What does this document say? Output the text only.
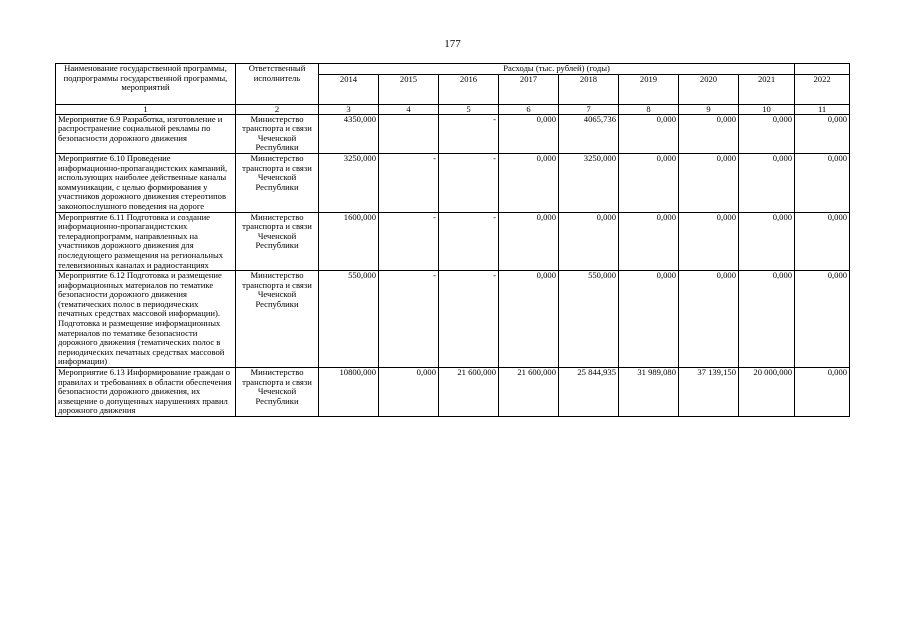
177
Наименование государственной программы, подпрограммы государственной программы, мероприятий	Ответственный исполнитель	Расходы (тыс. рублей) (годы)								
		2014	2015	2016	2017	2018	2019	2020	2021	2022
1	2	3	4	5	6	7	8	9	10	11
Мероприятие 6.9 Разработка, изготовление и распространение социальной рекламы по безопасности дорожного движения	Министерство транспорта и связи Чеченской Республики	4350,000		-	0,000	4065,736	0,000	0,000	0,000	0,000
Мероприятие 6.10 Проведение информационно-пропагандистских кампаний, использующих наиболее действенные каналы коммуникации, с целью формирования у участников дорожного движения стереотипов законопослушного поведения на дороге	Министерство транспорта и связи Чеченской Республики	3250,000	-	-	0,000	3250,000	0,000	0,000	0,000	0,000
Мероприятие 6.11 Подготовка и создание информационно-пропагандистских телерадиопрограмм, направленных на участников дорожного движения для последующего размещения на региональных телевизионных каналах и радиостанциях	Министерство транспорта и связи Чеченской Республики	1600,000	-	-	0,000	0,000	0,000	0,000	0,000	0,000
Мероприятие 6.12 Подготовка и размещение информационных материалов по тематике безопасности дорожного движения (тематических полос в периодических печатных средствах массовой информации). Подготовка и размещение информационных материалов по тематике безопасности дорожного движения (тематических полос в периодических печатных средствах массовой информации)	Министерство транспорта и связи Чеченской Республики	550,000	-	-	0,000	550,000	0,000	0,000	0,000	0,000
Мероприятие 6.13 Информирование граждан о правилах и требованиях в области обеспечения безопасности дорожного движения, их извещение о допущенных нарушениях правил дорожного движения	Министерство транспорта и связи Чеченской Республики	10800,000	0,000	21 600,000	21 600,000	25 844,935	31 989,080	37 139,150	20 000,000	0,000
